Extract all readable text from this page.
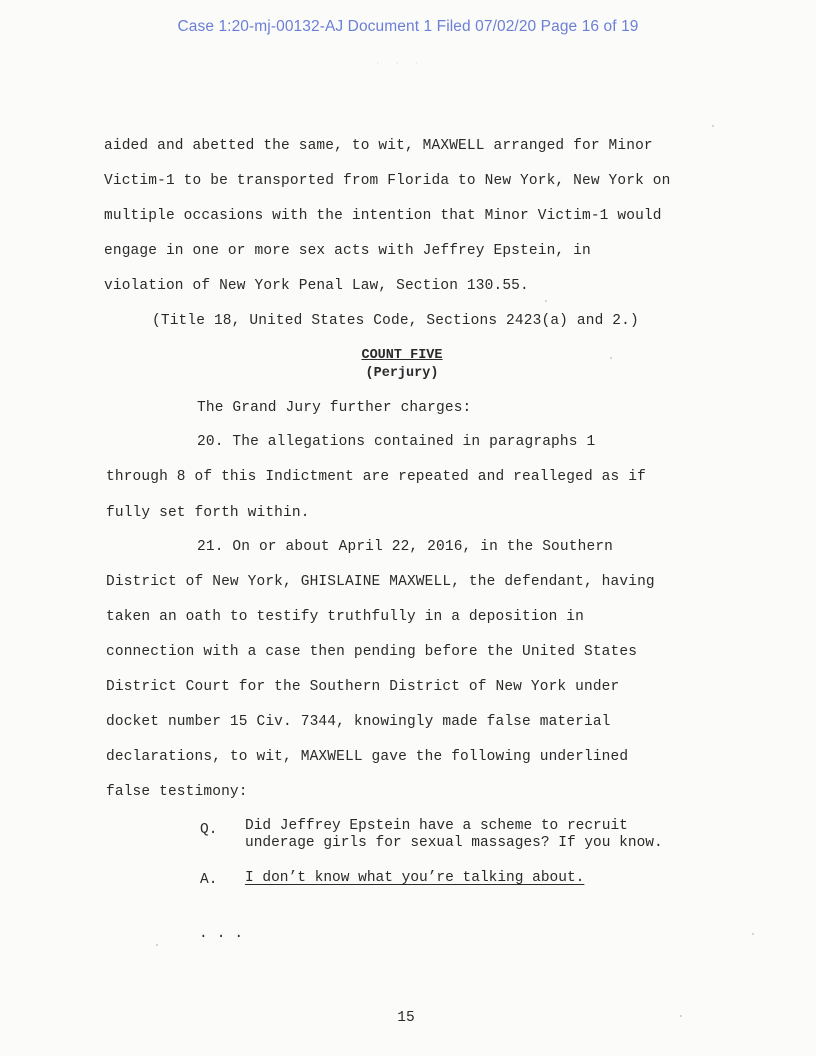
Case 1:20-mj-00132-AJ Document 1 Filed 07/02/20 Page 16 of 19
· · ·
aided and abetted the same, to wit, MAXWELL arranged for Minor
Victim-1 to be transported from Florida to New York, New York on
multiple occasions with the intention that Minor Victim-1 would
engage in one or more sex acts with Jeffrey Epstein, in
violation of New York Penal Law, Section 130.55.
(Title 18, United States Code, Sections 2423(a) and 2.)
COUNT FIVE
(Perjury)
The Grand Jury further charges:
20. The allegations contained in paragraphs 1
through 8 of this Indictment are repeated and realleged as if
fully set forth within.
21. On or about April 22, 2016, in the Southern
District of New York, GHISLAINE MAXWELL, the defendant, having
taken an oath to testify truthfully in a deposition in
connection with a case then pending before the United States
District Court for the Southern District of New York under
docket number 15 Civ. 7344, knowingly made false material
declarations, to wit, MAXWELL gave the following underlined
false testimony:
Q. Did Jeffrey Epstein have a scheme to recruit
underage girls for sexual massages? If you know.
A. I don’t know what you’re talking about.
. . .
15
